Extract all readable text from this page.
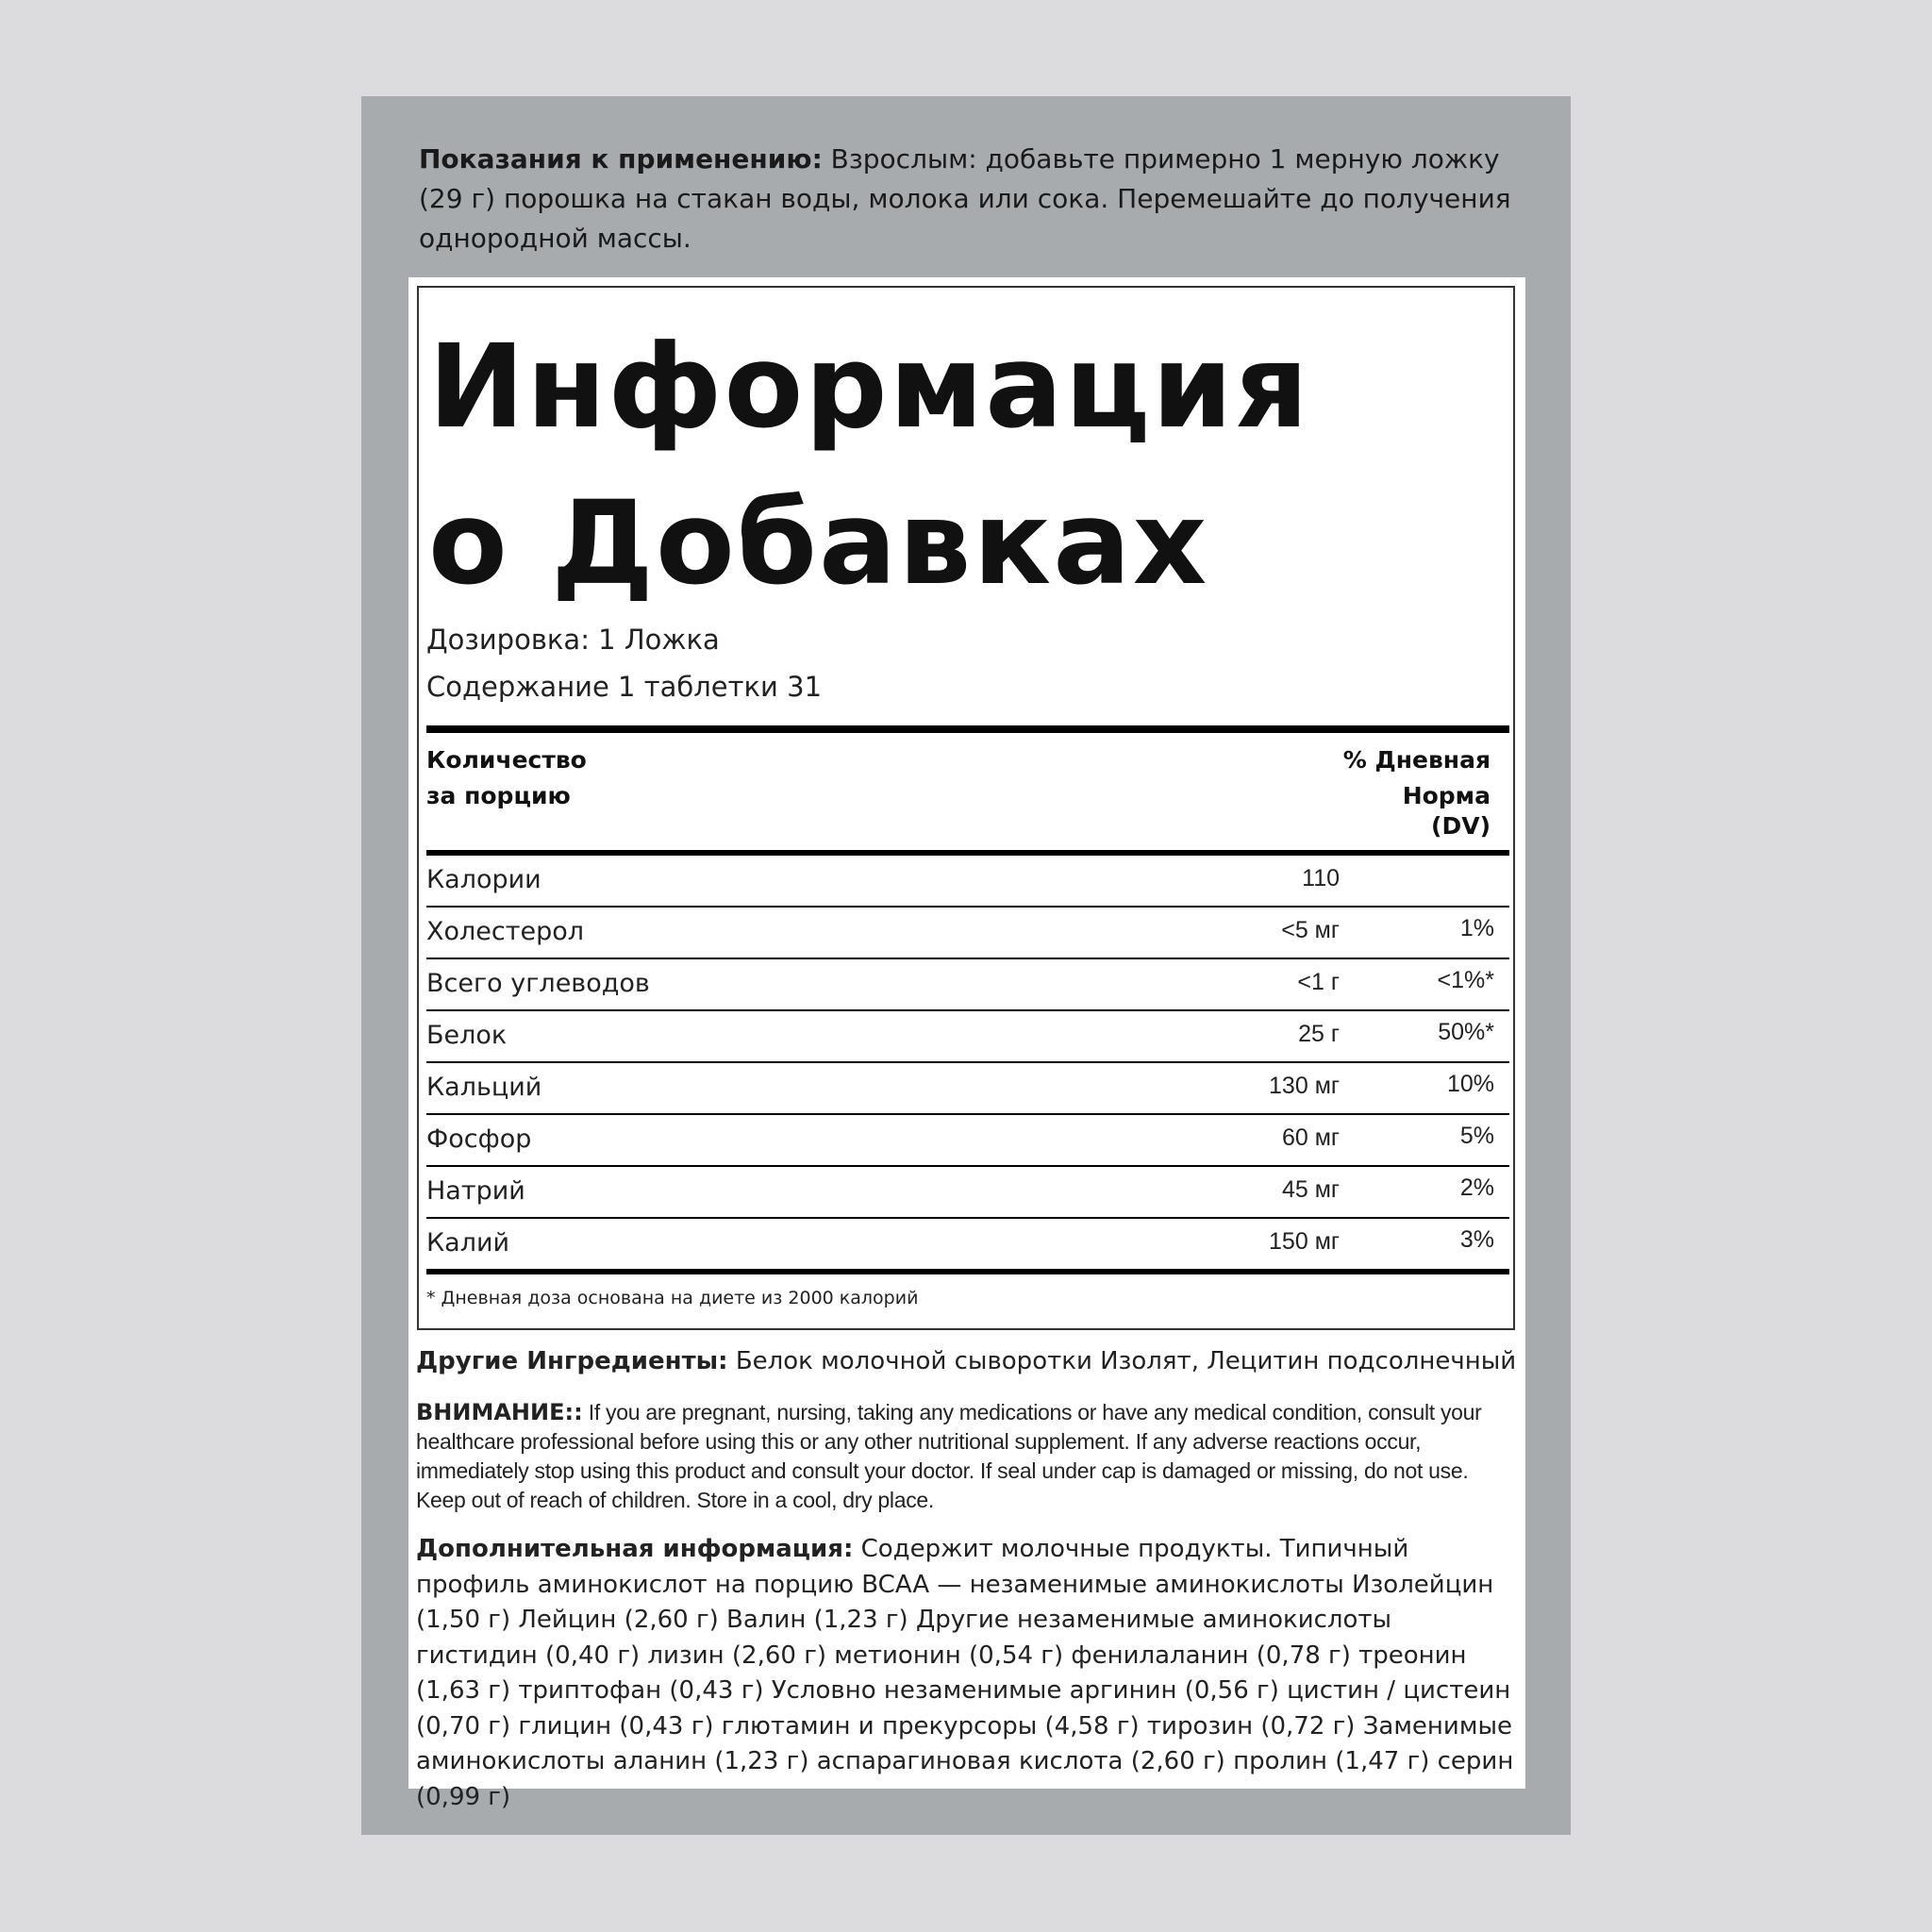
Показания к применению: Взрослым: добавьте примерно 1 мерную ложку (29 г) порошка на стакан воды, молока или сока. Перемешайте до получения однородной массы.
Информация о Добавках
Дозировка: 1 Ложка
Содержание 1 таблетки 31
Количество
за порцию
% Дневная
Норма
(DV)
Калории	110
Холестерол	<5 мг	1%
Всего углеводов	<1 г	<1%*
Белок	25 г	50%*
Кальций	130 мг	10%
Фосфор	60 мг	5%
Натрий	45 мг	2%
Калий	150 мг	3%
* Дневная доза основана на диете из 2000 калорий
Другие Ингредиенты: Белок молочной сыворотки Изолят, Лецитин подсолнечный
ВНИМАНИЕ:: If you are pregnant, nursing, taking any medications or have any medical condition, consult your healthcare professional before using this or any other nutritional supplement. If any adverse reactions occur, immediately stop using this product and consult your doctor. If seal under cap is damaged or missing, do not use. Keep out of reach of children. Store in a cool, dry place.
Дополнительная информация: Содержит молочные продукты. Типичный профиль аминокислот на порцию BCAA — незаменимые аминокислоты Изолейцин (1,50 г) Лейцин (2,60 г) Валин (1,23 г) Другие незаменимые аминокислоты гистидин (0,40 г) лизин (2,60 г) метионин (0,54 г) фенилаланин (0,78 г) треонин (1,63 г) триптофан (0,43 г) Условно незаменимые аргинин (0,56 г) цистин / цистеин (0,70 г) глицин (0,43 г) глютамин и прекурсоры (4,58 г) тирозин (0,72 г) Заменимые аминокислоты аланин (1,23 г) аспарагиновая кислота (2,60 г) пролин (1,47 г) серин (0,99 г)
